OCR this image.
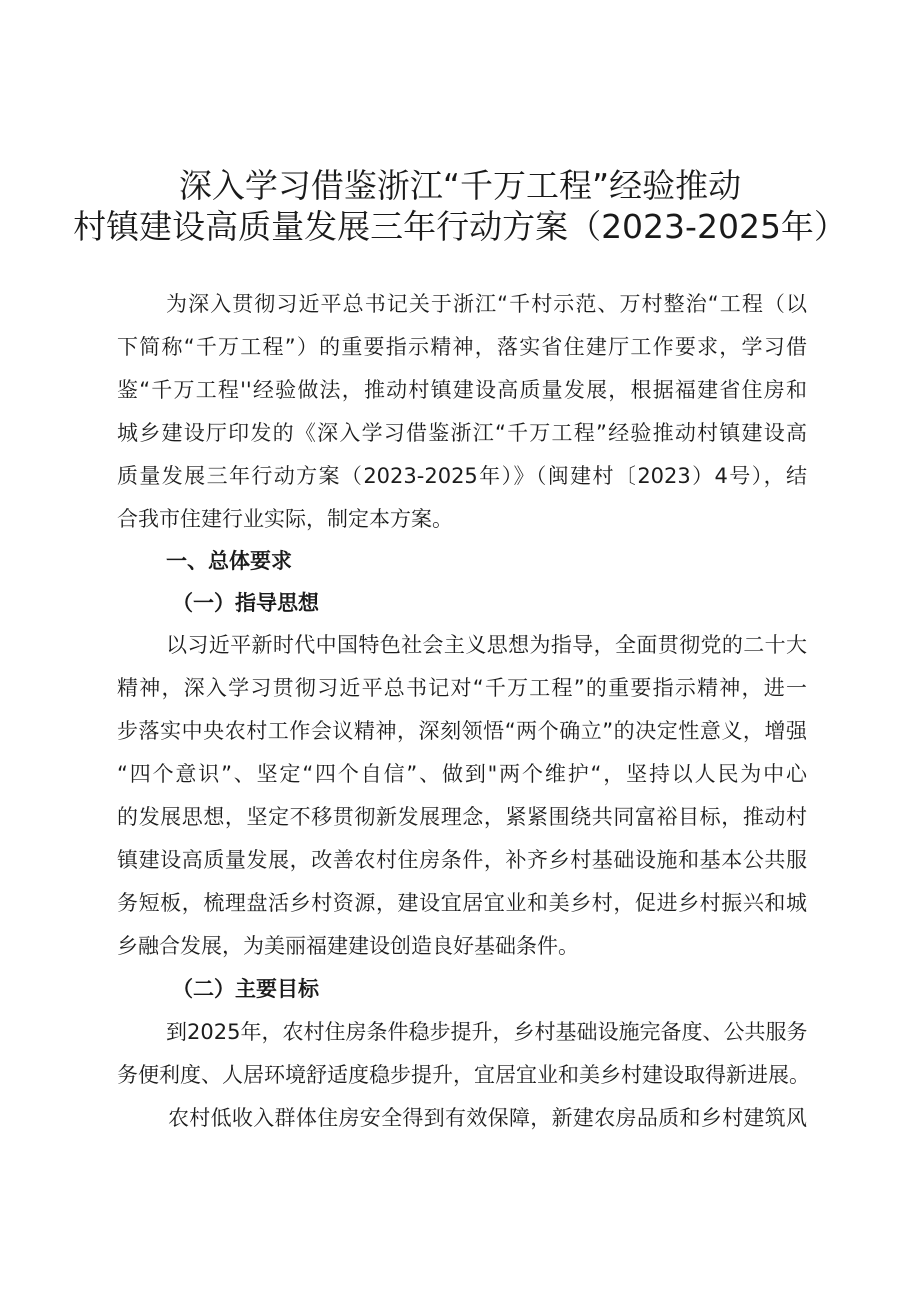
深入学习借鉴浙江“千万工程”经验推动
村镇建设高质量发展三年行动方案（2023-2025年）

为深入贯彻习近平总书记关于浙江“千村示范、万村整治“工程（以

下简称“千万工程”）的重要指示精神，落实省住建厅工作要求，学习借

鉴“千万工程''经验做法，推动村镇建设高质量发展，根据福建省住房和

城乡建设厅印发的《深入学习借鉴浙江“千万工程”经验推动村镇建设高

质量发展三年行动方案（2023-2025年）》（闽建村〔2023）4号），结

合我市住建行业实际，制定本方案。

一、总体要求

（一）指导思想

以习近平新时代中国特色社会主义思想为指导，全面贯彻党的二十大

精神，深入学习贯彻习近平总书记对“千万工程”的重要指示精神，进一

步落实中央农村工作会议精神，深刻领悟“两个确立”的决定性意义，增强

“四个意识”、坚定“四个自信”、做到"两个维护“，坚持以人民为中心

的发展思想，坚定不移贯彻新发展理念，紧紧围绕共同富裕目标，推动村

镇建设高质量发展，改善农村住房条件，补齐乡村基础设施和基本公共服

务短板，梳理盘活乡村资源，建设宜居宜业和美乡村，促进乡村振兴和城

乡融合发展，为美丽福建建设创造良好基础条件。

（二）主要目标

到2025年，农村住房条件稳步提升，乡村基础设施完备度、公共服务

务便利度、人居环境舒适度稳步提升，宜居宜业和美乡村建设取得新进展。

农村低收入群体住房安全得到有效保障，新建农房品质和乡村建筑风
